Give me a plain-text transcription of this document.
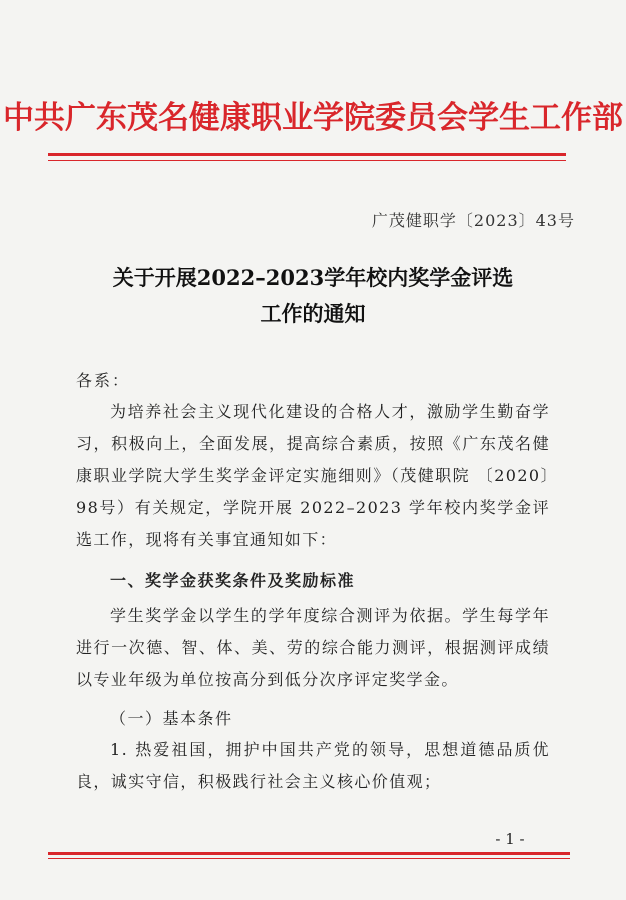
中共广东茂名健康职业学院委员会学生工作部
广茂健职学〔2023〕43号
关于开展2022–2023学年校内奖学金评选
工作的通知
各系：

为培养社会主义现代化建设的合格人才，激励学生勤奋学习，积极向上，全面发展，提高综合素质，按照《广东茂名健康职业学院大学生奖学金评定实施细则》（茂健职院 〔2020〕98号）有关规定，学院开展 2022–2023 学年校内奖学金评选工作，现将有关事宜通知如下：

一、奖学金获奖条件及奖励标准

学生奖学金以学生的学年度综合测评为依据。学生每学年进行一次德、智、体、美、劳的综合能力测评，根据测评成绩以专业年级为单位按高分到低分次序评定奖学金。

（一）基本条件

1. 热爱祖国，拥护中国共产党的领导，思想道德品质优良，诚实守信，积极践行社会主义核心价值观；

- 1 -
